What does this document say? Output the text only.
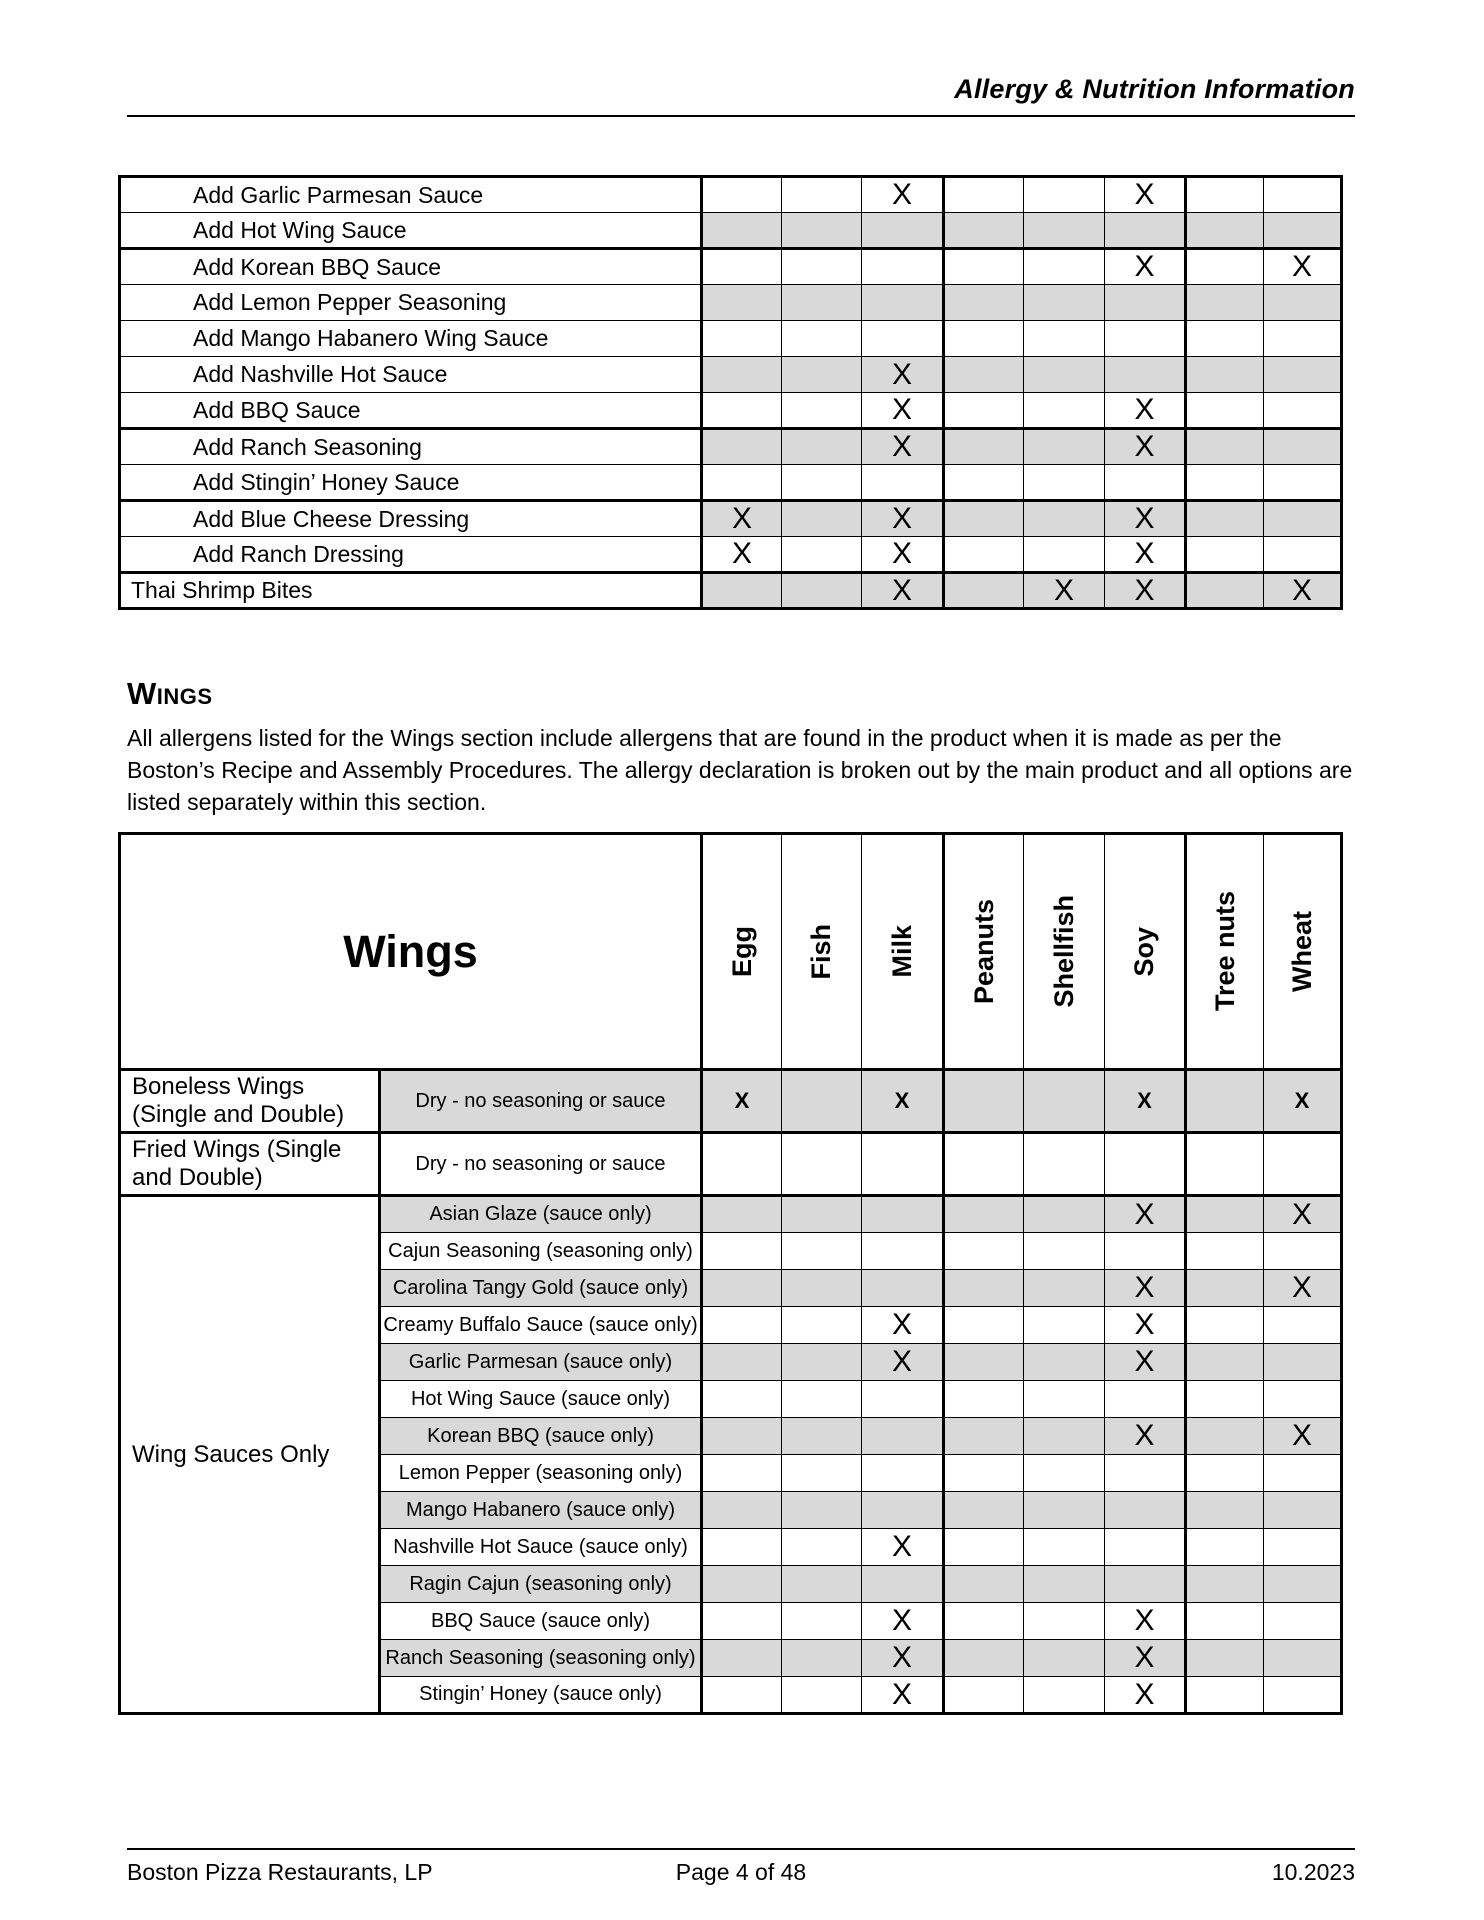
Allergy & Nutrition Information
Add Garlic Parmesan Sauce			X			X		
Add Hot Wing Sauce								
Add Korean BBQ Sauce						X		X
Add Lemon Pepper Seasoning								
Add Mango Habanero Wing Sauce								
Add Nashville Hot Sauce			X					
Add BBQ Sauce			X			X		
Add Ranch Seasoning			X			X		
Add Stingin’ Honey Sauce								
Add Blue Cheese Dressing	X		X			X		
Add Ranch Dressing	X		X			X		
Thai Shrimp Bites			X		X	X		X
Wings
All allergens listed for the Wings section include allergens that are found in the product when it is made as per the Boston’s Recipe and Assembly Procedures. The allergy declaration is broken out by the main product and all options are listed separately within this section.
Wings		Egg	Fish	Milk	Peanuts	Shellfish	Soy	Tree nuts	Wheat

Boneless Wings (Single and Double)	Dry - no seasoning or sauce	X		X			X		X
Fried Wings (Single and Double)	Dry - no seasoning or sauce								
Wing Sauces Only	Asian Glaze (sauce only)						X		X
	Cajun Seasoning (seasoning only)								
	Carolina Tangy Gold (sauce only)						X		X
	Creamy Buffalo Sauce (sauce only)			X			X		
	Garlic Parmesan (sauce only)			X			X		
	Hot Wing Sauce (sauce only)								
	Korean BBQ (sauce only)						X		X
	Lemon Pepper (seasoning only)								
	Mango Habanero (sauce only)								
	Nashville Hot Sauce (sauce only)			X					
	Ragin Cajun (seasoning only)								
	BBQ Sauce (sauce only)			X			X		
	Ranch Seasoning (seasoning only)			X			X		
	Stingin’ Honey (sauce only)			X			X		
Boston Pizza Restaurants, LP	Page 4 of 48	10.2023
